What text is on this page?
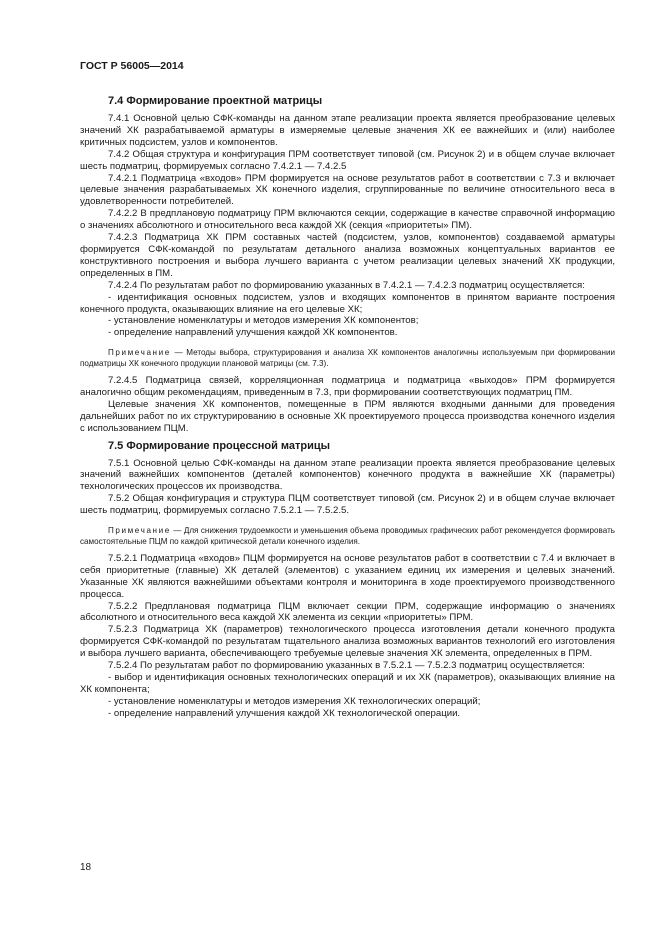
ГОСТ Р 56005—2014
7.4 Формирование проектной матрицы

7.4.1 Основной целью СФК-команды на данном этапе реализации проекта является преобразование целевых значений ХК разрабатываемой арматуры в измеряемые целевые значения ХК ее важнейших и (или) наиболее критичных подсистем, узлов и компонентов.

7.4.2 Общая структура и конфигурация ПРМ соответствует типовой (см. Рисунок 2) и в общем случае включает шесть подматриц, формируемых согласно 7.4.2.1 — 7.4.2.5

7.4.2.1 Подматрица «входов» ПРМ формируется на основе результатов работ в соответствии с 7.3 и включает целевые значения разрабатываемых ХК конечного изделия, сгруппированные по величине относительного веса в удовлетворенности потребителей.

7.4.2.2 В предплановую подматрицу ПРМ включаются секции, содержащие в качестве справочной информацию о значениях абсолютного и относительного веса каждой ХК (секция «приоритеты» ПМ).

7.4.2.3 Подматрица ХК ПРМ составных частей (подсистем, узлов, компонентов) создаваемой арматуры формируется СФК-командой по результатам детального анализа возможных концептуальных вариантов ее конструктивного построения и выбора лучшего варианта с учетом реализации целевых значений ХК продукции, определенных в ПМ.

7.4.2.4 По результатам работ по формированию указанных в 7.4.2.1 — 7.4.2.3 подматриц осуществляется:

- идентификация основных подсистем, узлов и входящих компонентов в принятом варианте построения конечного продукта, оказывающих влияние на его целевые ХК;

- установление номенклатуры и методов измерения ХК компонентов;

- определение направлений улучшения каждой ХК компонентов.

Примечание — Методы выбора, структурирования и анализа ХК компонентов аналогичны используемым при формировании подматрицы ХК конечного продукции плановой матрицы (см. 7.3).

7.2.4.5 Подматрица связей, корреляционная подматрица и подматрица «выходов» ПРМ формируется аналогично общим рекомендациям, приведенным в 7.3, при формировании соответствующих подматриц ПМ.

Целевые значения ХК компонентов, помещенные в ПРМ являются входными данными для проведения дальнейших работ по их структурированию в основные ХК проектируемого процесса производства конечного изделия с использованием ПЦМ.

7.5 Формирование процессной матрицы

7.5.1 Основной целью СФК-команды на данном этапе реализации проекта является преобразование целевых значений важнейших компонентов (деталей компонентов) конечного продукта в важнейшие ХК (параметры) технологических процессов их производства.

7.5.2 Общая конфигурация и структура ПЦМ соответствует типовой (см. Рисунок 2) и в общем случае включает шесть подматриц, формируемых согласно 7.5.2.1 — 7.5.2.5.

Примечание — Для снижения трудоемкости и уменьшения объема проводимых графических работ рекомендуется формировать самостоятельные ПЦМ по каждой критической детали конечного изделия.

7.5.2.1 Подматрица «входов» ПЦМ формируется на основе результатов работ в соответствии с 7.4 и включает в себя приоритетные (главные) ХК деталей (элементов) с указанием единиц их измерения и целевых значений. Указанные ХК являются важнейшими объектами контроля и мониторинга в ходе проектируемого производственного процесса.

7.5.2.2 Предплановая подматрица ПЦМ включает секции ПРМ, содержащие информацию о значениях абсолютного и относительного веса каждой ХК элемента из секции «приоритеты» ПРМ.

7.5.2.3 Подматрица ХК (параметров) технологического процесса изготовления детали конечного продукта формируется СФК-командой по результатам тщательного анализа возможных вариантов технологий его изготовления и выбора лучшего варианта, обеспечивающего требуемые целевые значения ХК элемента, определенных в ПРМ.

7.5.2.4 По результатам работ по формированию указанных в 7.5.2.1 — 7.5.2.3 подматриц осуществляется:

- выбор и идентификация основных технологических операций и их ХК (параметров), оказывающих влияние на ХК компонента;

- установление номенклатуры и методов измерения ХК технологических операций;

- определение направлений улучшения каждой ХК технологической операции.

18
